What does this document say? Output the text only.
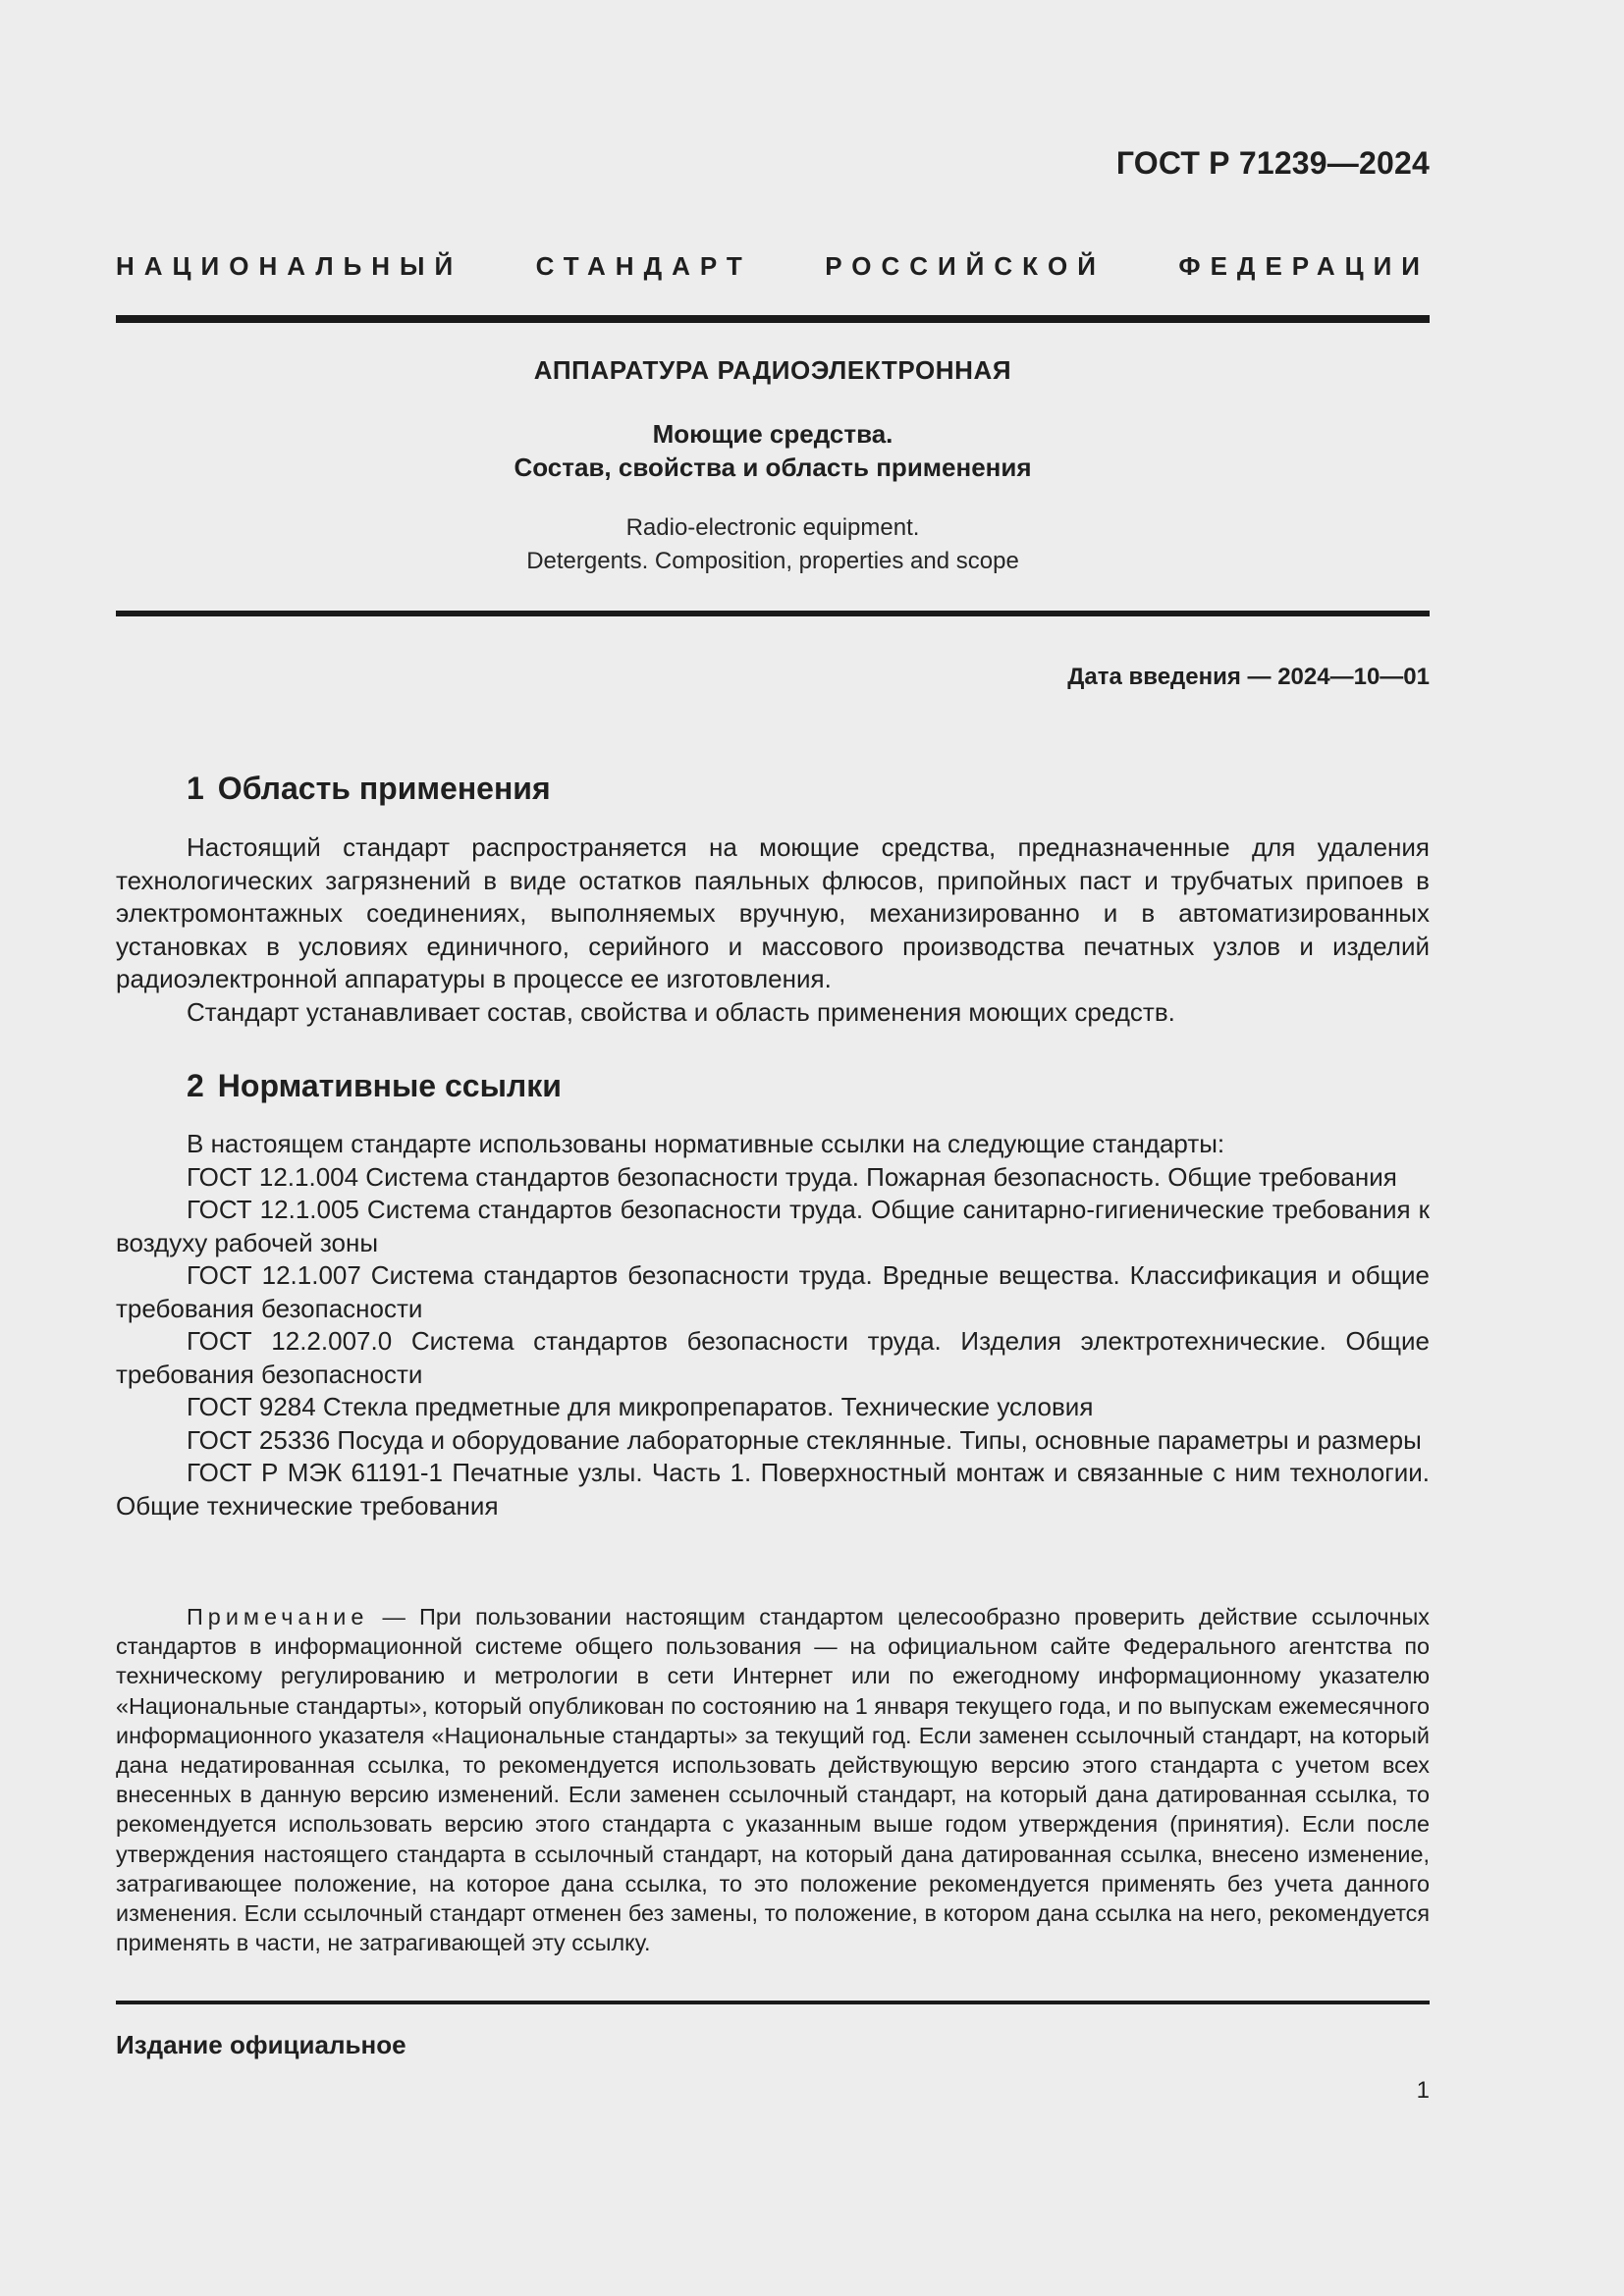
ГОСТ Р 71239—2024
НАЦИОНАЛЬНЫЙ СТАНДАРТ РОССИЙСКОЙ ФЕДЕРАЦИИ
АППАРАТУРА РАДИОЭЛЕКТРОННАЯ
Моющие средства.
Состав, свойства и область применения
Radio-electronic equipment.
Detergents. Composition, properties and scope
Дата введения — 2024—10—01
1 Область применения

Настоящий стандарт распространяется на моющие средства, предназначенные для удаления технологических загрязнений в виде остатков паяльных флюсов, припойных паст и трубчатых припоев в электромонтажных соединениях, выполняемых вручную, механизированно и в автоматизированных установках в условиях единичного, серийного и массового производства печатных узлов и изделий радиоэлектронной аппаратуры в процессе ее изготовления.

Стандарт устанавливает состав, свойства и область применения моющих средств.

2 Нормативные ссылки

В настоящем стандарте использованы нормативные ссылки на следующие стандарты:

ГОСТ 12.1.004 Система стандартов безопасности труда. Пожарная безопасность. Общие требования

ГОСТ 12.1.005 Система стандартов безопасности труда. Общие санитарно-гигиенические требования к воздуху рабочей зоны

ГОСТ 12.1.007 Система стандартов безопасности труда. Вредные вещества. Классификация и общие требования безопасности

ГОСТ 12.2.007.0 Система стандартов безопасности труда. Изделия электротехнические. Общие требования безопасности

ГОСТ 9284 Стекла предметные для микропрепаратов. Технические условия

ГОСТ 25336 Посуда и оборудование лабораторные стеклянные. Типы, основные параметры и размеры

ГОСТ Р МЭК 61191-1 Печатные узлы. Часть 1. Поверхностный монтаж и связанные с ним технологии. Общие технические требования

Примечание — При пользовании настоящим стандартом целесообразно проверить действие ссылочных стандартов в информационной системе общего пользования — на официальном сайте Федерального агентства по техническому регулированию и метрологии в сети Интернет или по ежегодному информационному указателю «Национальные стандарты», который опубликован по состоянию на 1 января текущего года, и по выпускам ежемесячного информационного указателя «Национальные стандарты» за текущий год. Если заменен ссылочный стандарт, на который дана недатированная ссылка, то рекомендуется использовать действующую версию этого стандарта с учетом всех внесенных в данную версию изменений. Если заменен ссылочный стандарт, на который дана датированная ссылка, то рекомендуется использовать версию этого стандарта с указанным выше годом утверждения (принятия). Если после утверждения настоящего стандарта в ссылочный стандарт, на который дана датированная ссылка, внесено изменение, затрагивающее положение, на которое дана ссылка, то это положение рекомендуется применять без учета данного изменения. Если ссылочный стандарт отменен без замены, то положение, в котором дана ссылка на него, рекомендуется применять в части, не затрагивающей эту ссылку.
Издание официальное
1
